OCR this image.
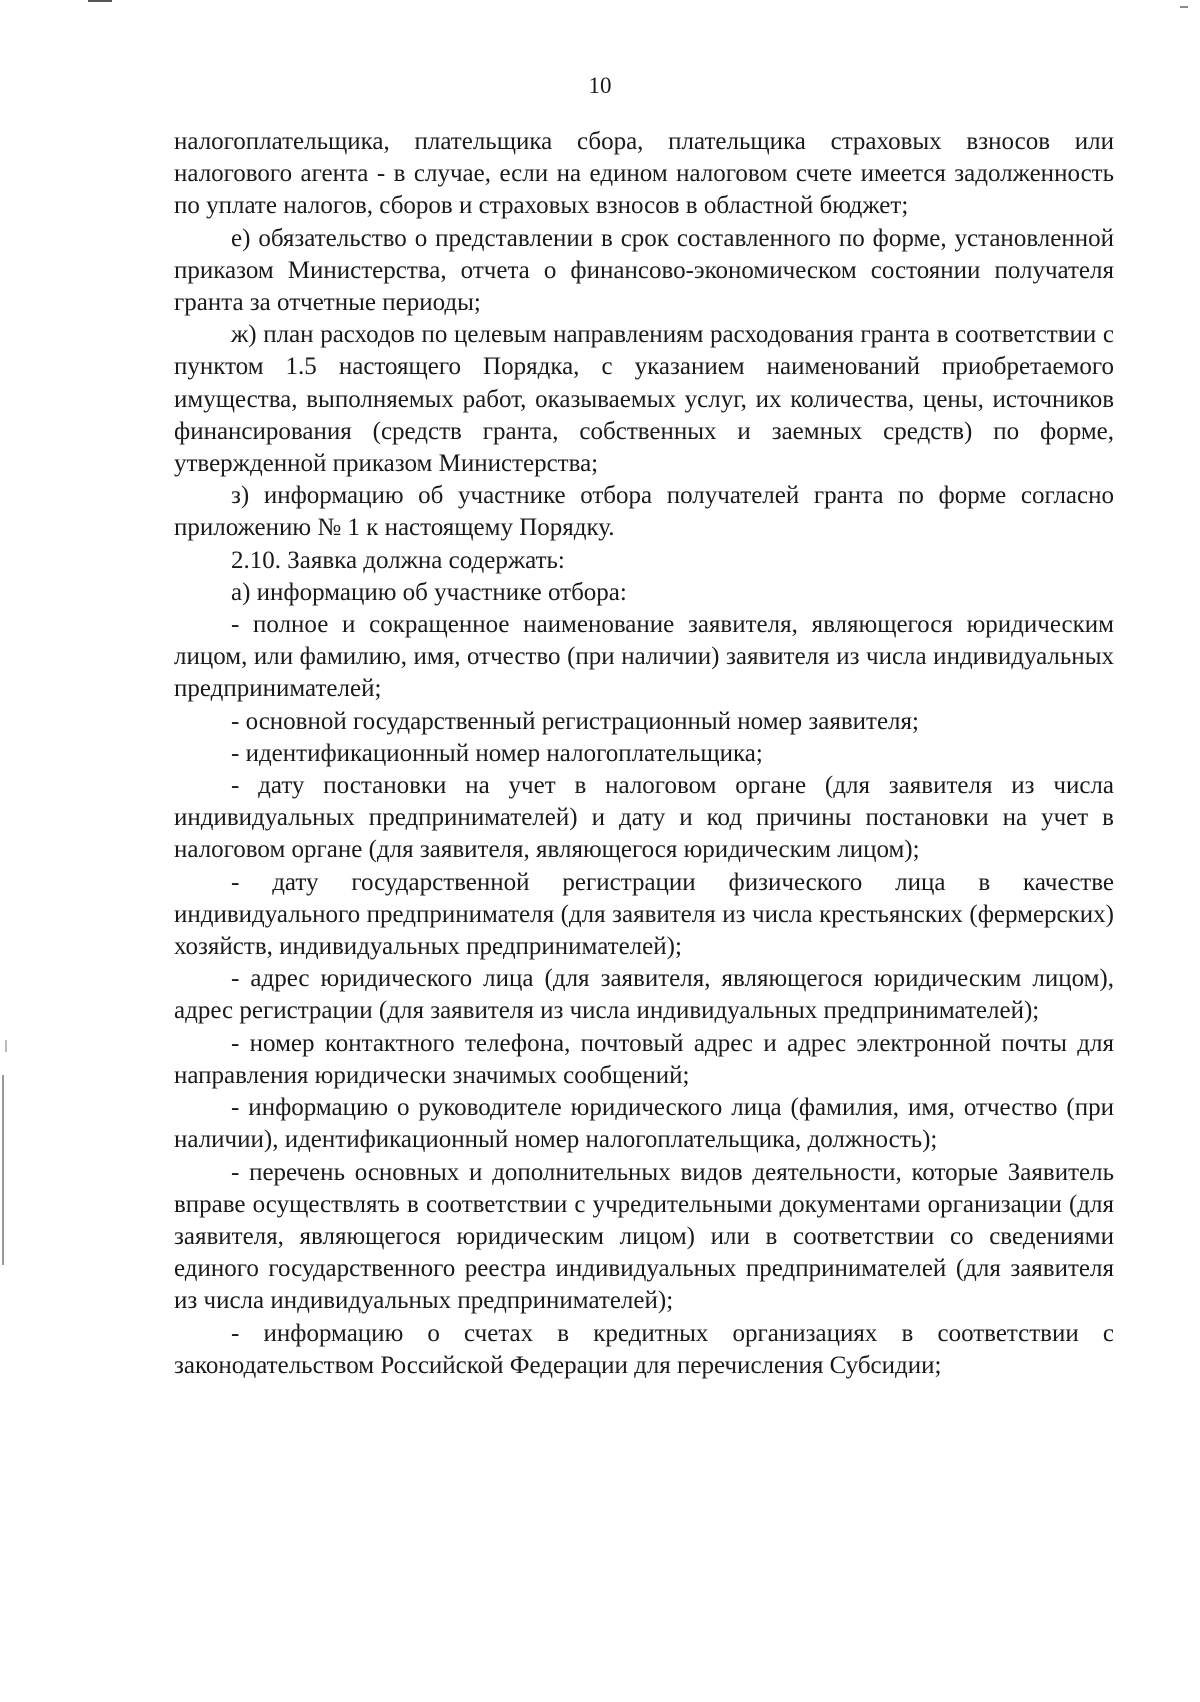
10

налогоплательщика, плательщика сбора, плательщика страховых взносов или налогового агента - в случае, если на едином налоговом счете имеется задолженность по уплате налогов, сборов и страховых взносов в областной бюджет;

е) обязательство о представлении в срок составленного по форме, установленной приказом Министерства, отчета о финансово-экономическом состоянии получателя гранта за отчетные периоды;

ж) план расходов по целевым направлениям расходования гранта в соответствии с пунктом 1.5 настоящего Порядка, с указанием наименований приобретаемого имущества, выполняемых работ, оказываемых услуг, их количества, цены, источников финансирования (средств гранта, собственных и заемных средств) по форме, утвержденной приказом Министерства;

з) информацию об участнике отбора получателей гранта по форме согласно приложению № 1 к настоящему Порядку.

2.10. Заявка должна содержать:

а) информацию об участнике отбора:

- полное и сокращенное наименование заявителя, являющегося юридическим лицом, или фамилию, имя, отчество (при наличии) заявителя из числа индивидуальных предпринимателей;

- основной государственный регистрационный номер заявителя;

- идентификационный номер налогоплательщика;

- дату постановки на учет в налоговом органе (для заявителя из числа индивидуальных предпринимателей) и дату и код причины постановки на учет в налоговом органе (для заявителя, являющегося юридическим лицом);

- дату государственной регистрации физического лица в качестве индивидуального предпринимателя (для заявителя из числа крестьянских (фермерских) хозяйств, индивидуальных предпринимателей);

- адрес юридического лица (для заявителя, являющегося юридическим лицом), адрес регистрации (для заявителя из числа индивидуальных предпринимателей);

- номер контактного телефона, почтовый адрес и адрес электронной почты для направления юридически значимых сообщений;

- информацию о руководителе юридического лица (фамилия, имя, отчество (при наличии), идентификационный номер налогоплательщика, должность);

- перечень основных и дополнительных видов деятельности, которые Заявитель вправе осуществлять в соответствии с учредительными документами организации (для заявителя, являющегося юридическим лицом) или в соответствии со сведениями единого государственного реестра индивидуальных предпринимателей (для заявителя из числа индивидуальных предпринимателей);

- информацию о счетах в кредитных организациях в соответствии с законодательством Российской Федерации для перечисления Субсидии;
